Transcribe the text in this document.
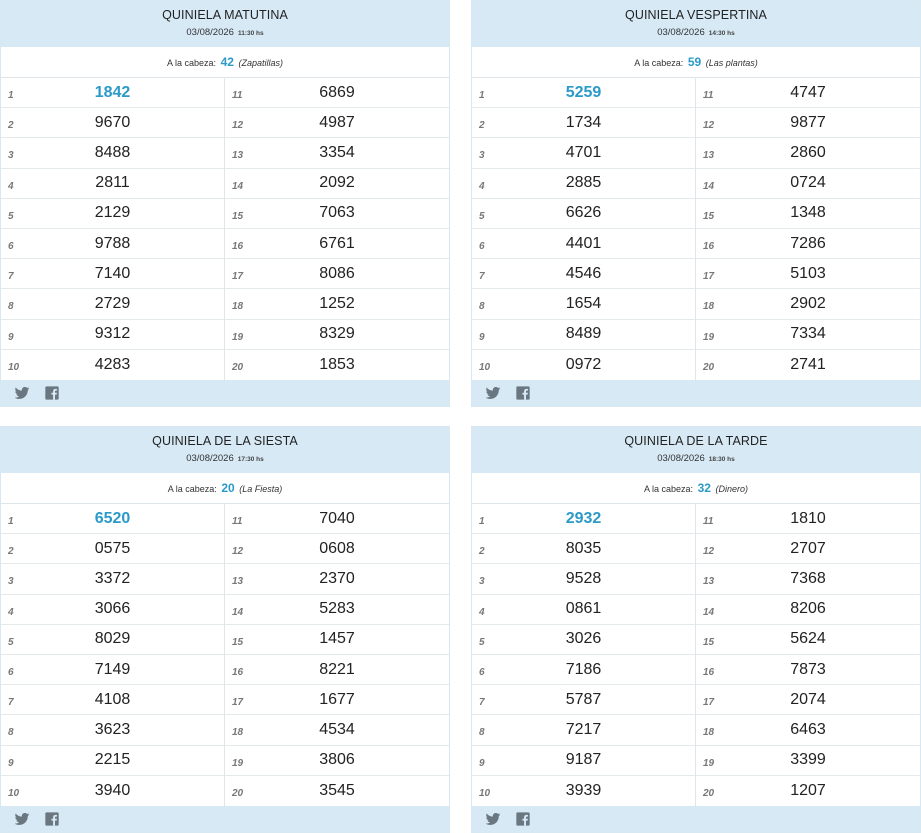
QUINIELA MATUTINA
03/08/2026 11:30 hs
A la cabeza: 42 (Zapatillas)
1	1842
2	9670
3	8488
4	2811
5	2129
6	9788
7	7140
8	2729
9	9312
10	4283
11	6869
12	4987
13	3354
14	2092
15	7063
16	6761
17	8086
18	1252
19	8329
20	1853
QUINIELA VESPERTINA
03/08/2026 14:30 hs
A la cabeza: 59 (Las plantas)
1	5259
2	1734
3	4701
4	2885
5	6626
6	4401
7	4546
8	1654
9	8489
10	0972
11	4747
12	9877
13	2860
14	0724
15	1348
16	7286
17	5103
18	2902
19	7334
20	2741
QUINIELA DE LA SIESTA
03/08/2026 17:30 hs
A la cabeza: 20 (La Fiesta)
1	6520
2	0575
3	3372
4	3066
5	8029
6	7149
7	4108
8	3623
9	2215
10	3940
11	7040
12	0608
13	2370
14	5283
15	1457
16	8221
17	1677
18	4534
19	3806
20	3545
QUINIELA DE LA TARDE
03/08/2026 18:30 hs
A la cabeza: 32 (Dinero)
1	2932
2	8035
3	9528
4	0861
5	3026
6	7186
7	5787
8	7217
9	9187
10	3939
11	1810
12	2707
13	7368
14	8206
15	5624
16	7873
17	2074
18	6463
19	3399
20	1207
